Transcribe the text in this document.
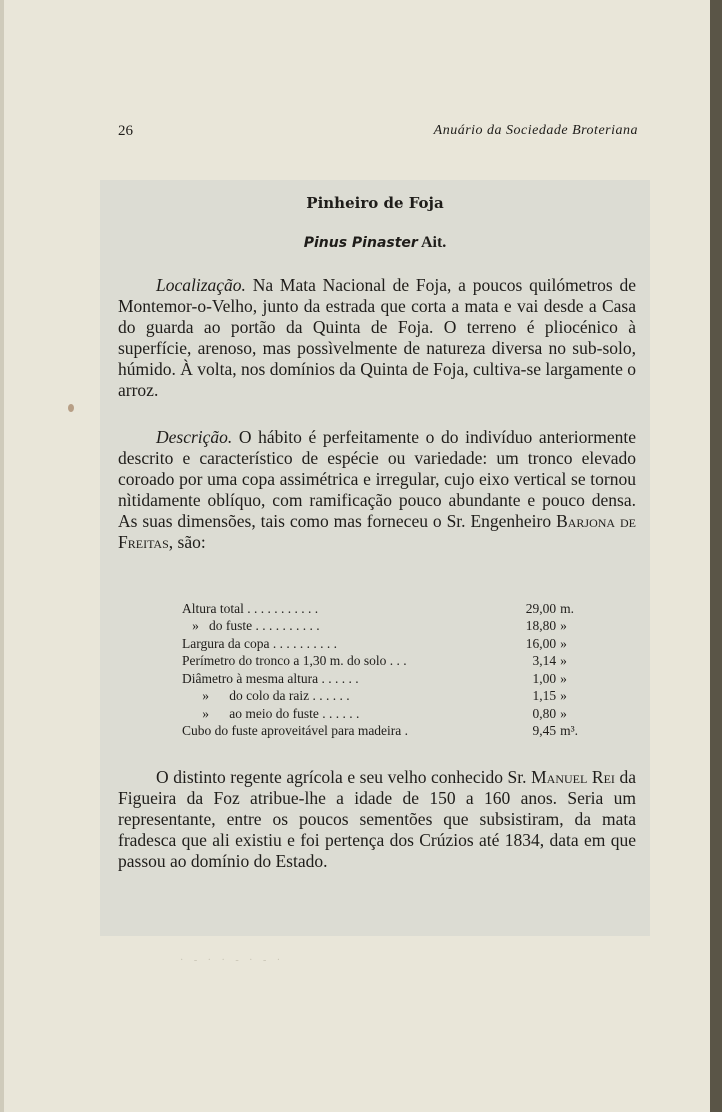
26	Anuário da Sociedade Broteriana
Pinheiro de Foja
Pinus Pinaster Ait.

Localização. Na Mata Nacional de Foja, a poucos quilómetros de Montemor-o-Velho, junto da estrada que corta a mata e vai desde a Casa do guarda ao portão da Quinta de Foja. O terreno é pliocénico à superfície, arenoso, mas possìvelmente de natureza diversa no sub-solo, húmido. À volta, nos domínios da Quinta de Foja, cultiva-se largamente o arroz.

Descrição. O hábito é perfeitamente o do indivíduo anteriormente descrito e característico de espécie ou variedade: um tronco elevado coroado por uma copa assimétrica e irregular, cujo eixo vertical se tornou nìtidamente oblíquo, com ramificação pouco abundante e pouco densa. As suas dimensões, tais como mas forneceu o Sr. Engenheiro Barjona de Freitas, são:

Altura total . . . . . . . . . . .	29,00	m.
»   do fuste . . . . . . . . . .	18,80	»
Largura da copa . . . . . . . . . .	16,00	»
Perímetro do tronco a 1,30 m. do solo . . .	3,14	»
Diâmetro à mesma altura . . . . . .	1,00	»
»      do colo da raiz . . . . . .	1,15	»
»      ao meio do fuste . . . . . .	0,80	»
Cubo do fuste aproveitável para madeira .	9,45	m³.

O distinto regente agrícola e seu velho conhecido Sr. Manuel Rei da Figueira da Foz atribue-lhe a idade de 150 a 160 anos. Seria um representante, entre os poucos sementões que subsistiram, da mata fradesca que ali existiu e foi pertença dos Crúzios até 1834, data em que passou ao domínio do Estado.

· - · · - · - ·
